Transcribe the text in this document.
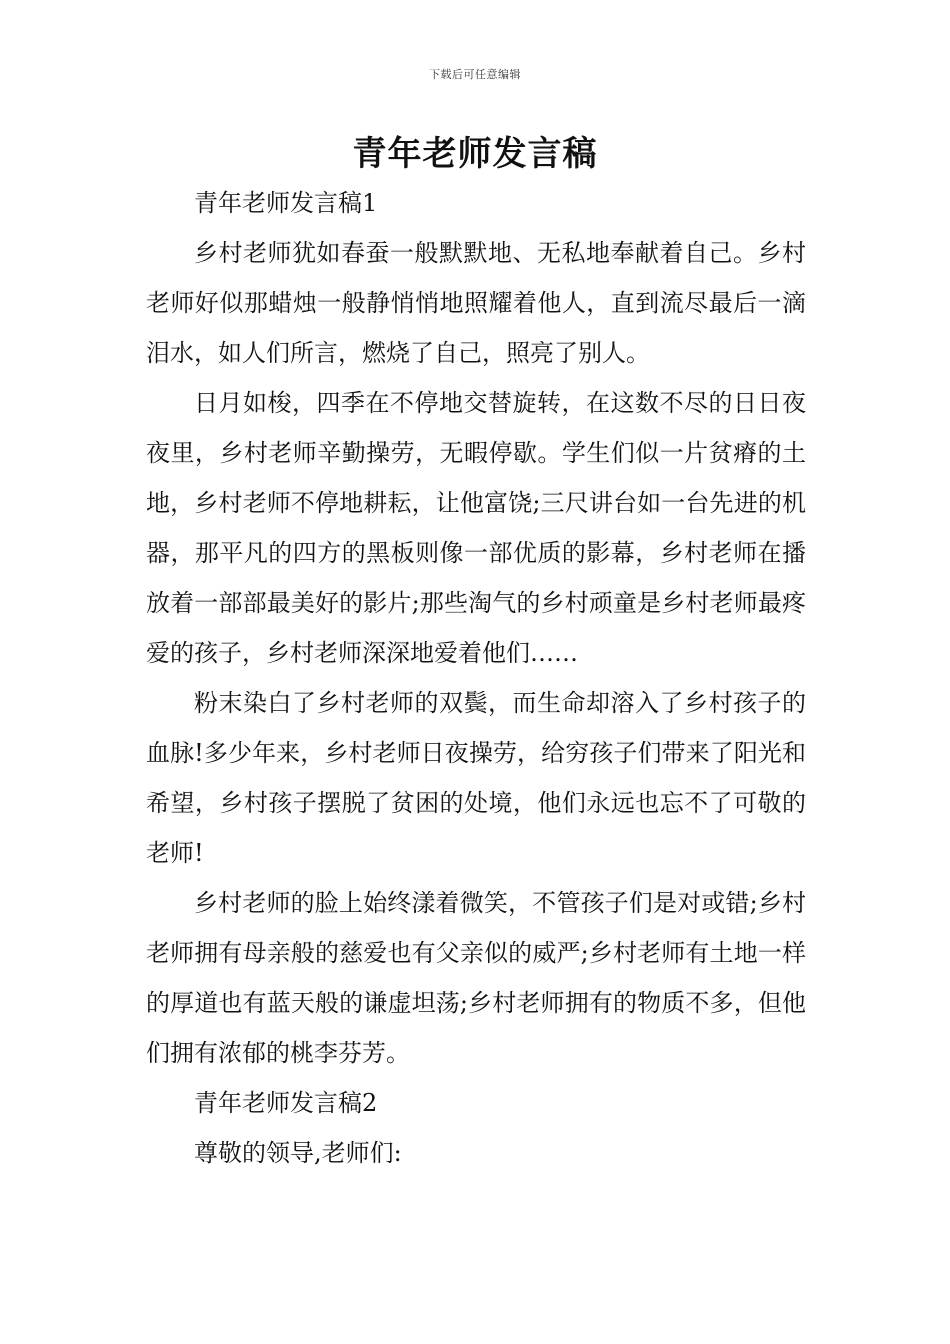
下载后可任意编辑
青年老师发言稿

青年老师发言稿1

乡村老师犹如春蚕一般默默地、无私地奉献着自己。乡村老师好似那蜡烛一般静悄悄地照耀着他人，直到流尽最后一滴泪水，如人们所言，燃烧了自己，照亮了别人。

日月如梭，四季在不停地交替旋转，在这数不尽的日日夜夜里，乡村老师辛勤操劳，无暇停歇。学生们似一片贫瘠的土地，乡村老师不停地耕耘，让他富饶;三尺讲台如一台先进的机器，那平凡的四方的黑板则像一部优质的影幕，乡村老师在播放着一部部最美好的影片;那些淘气的乡村顽童是乡村老师最疼爱的孩子，乡村老师深深地爱着他们……

粉末染白了乡村老师的双鬓，而生命却溶入了乡村孩子的血脉!多少年来，乡村老师日夜操劳，给穷孩子们带来了阳光和希望，乡村孩子摆脱了贫困的处境，他们永远也忘不了可敬的老师!

乡村老师的脸上始终漾着微笑，不管孩子们是对或错;乡村老师拥有母亲般的慈爱也有父亲似的威严;乡村老师有土地一样的厚道也有蓝天般的谦虚坦荡;乡村老师拥有的物质不多，但他们拥有浓郁的桃李芬芳。

青年老师发言稿2

尊敬的领导,老师们:
